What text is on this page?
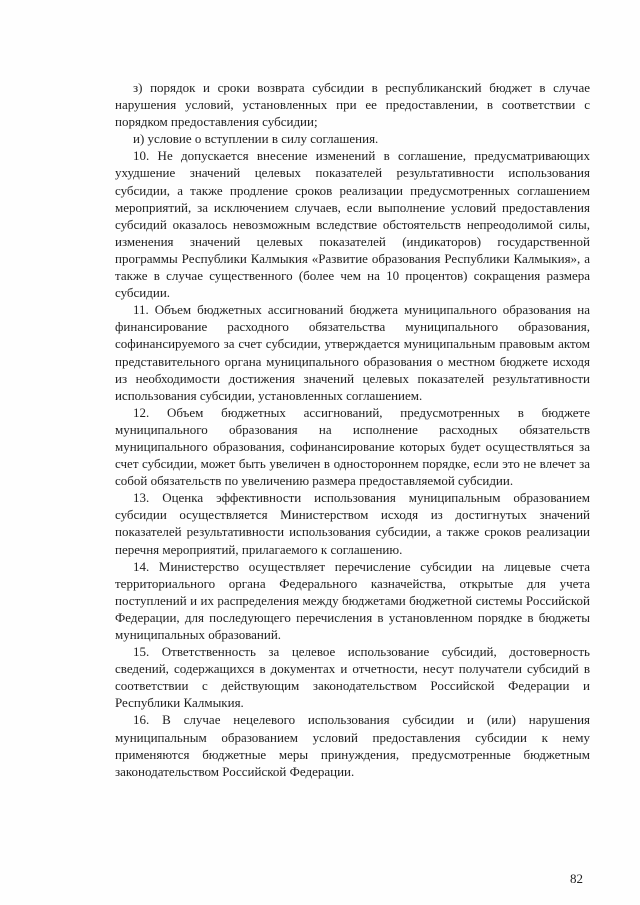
з) порядок и сроки возврата субсидии в республиканский бюджет в случае нарушения условий, установленных при ее предоставлении, в соответствии с порядком предоставления субсидии;

и) условие о вступлении в силу соглашения.

10. Не допускается внесение изменений в соглашение, предусматривающих ухудшение значений целевых показателей результативности использования субсидии, а также продление сроков реализации предусмотренных соглашением мероприятий, за исключением случаев, если выполнение условий предоставления субсидий оказалось невозможным вследствие обстоятельств непреодолимой силы, изменения значений целевых показателей (индикаторов) государственной программы Республики Калмыкия «Развитие образования Республики Калмыкия», а также в случае существенного (более чем на 10 процентов) сокращения размера субсидии.

11. Объем бюджетных ассигнований бюджета муниципального образования на финансирование расходного обязательства муниципального образования, софинансируемого за счет субсидии, утверждается муниципальным правовым актом представительного органа муниципального образования о местном бюджете исходя из необходимости достижения значений целевых показателей результативности использования субсидии, установленных соглашением.

12. Объем бюджетных ассигнований, предусмотренных в бюджете муниципального образования на исполнение расходных обязательств муниципального образования, софинансирование которых будет осуществляться за счет субсидии, может быть увеличен в одностороннем порядке, если это не влечет за собой обязательств по увеличению размера предоставляемой субсидии.

13. Оценка эффективности использования муниципальным образованием субсидии осуществляется Министерством исходя из достигнутых значений показателей результативности использования субсидии, а также сроков реализации перечня мероприятий, прилагаемого к соглашению.

14. Министерство осуществляет перечисление субсидии на лицевые счета территориального органа Федерального казначейства, открытые для учета поступлений и их распределения между бюджетами бюджетной системы Российской Федерации, для последующего перечисления в установленном порядке в бюджеты муниципальных образований.

15. Ответственность за целевое использование субсидий, достоверность сведений, содержащихся в документах и отчетности, несут получатели субсидий в соответствии с действующим законодательством Российской Федерации и Республики Калмыкия.

16. В случае нецелевого использования субсидии и (или) нарушения муниципальным образованием условий предоставления субсидии к нему применяются бюджетные меры принуждения, предусмотренные бюджетным законодательством Российской Федерации.

82
